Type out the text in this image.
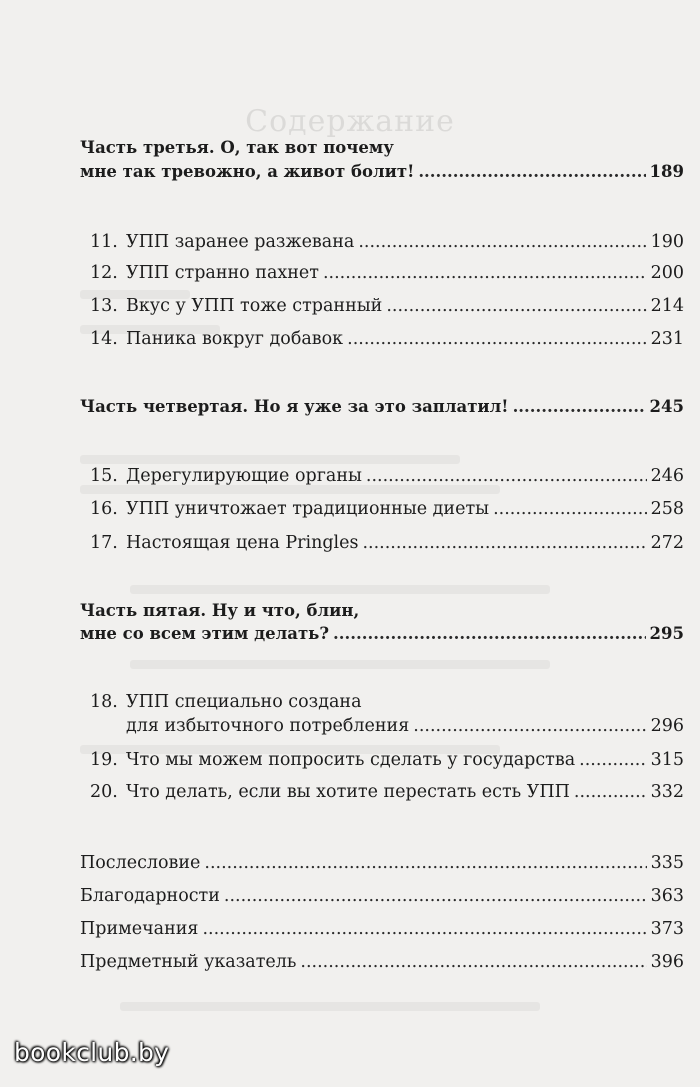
Содержание
Часть третья. О, так вот почему
мне так тревожно, а живот болит! .....	189
11. УПП заранее разжевана .....	190
12. УПП странно пахнет .....	200
13. Вкус у УПП тоже странный .....	214
14. Паника вокруг добавок .....	231
Часть четвертая. Но я уже за это заплатил! .....	245
15. Дерегулирующие органы .....	246
16. УПП уничтожает традиционные диеты .....	258
17. Настоящая цена Pringles .....	272
Часть пятая. Ну и что, блин,
мне со всем этим делать? .....	295
18. УПП специально создана
для избыточного потребления .....	296
19. Что мы можем попросить сделать у государства .....	315
20. Что делать, если вы хотите перестать есть УПП .....	332
Послесловие .....	335
Благодарности .....	363
Примечания .....	373
Предметный указатель .....	396
bookclub.by
